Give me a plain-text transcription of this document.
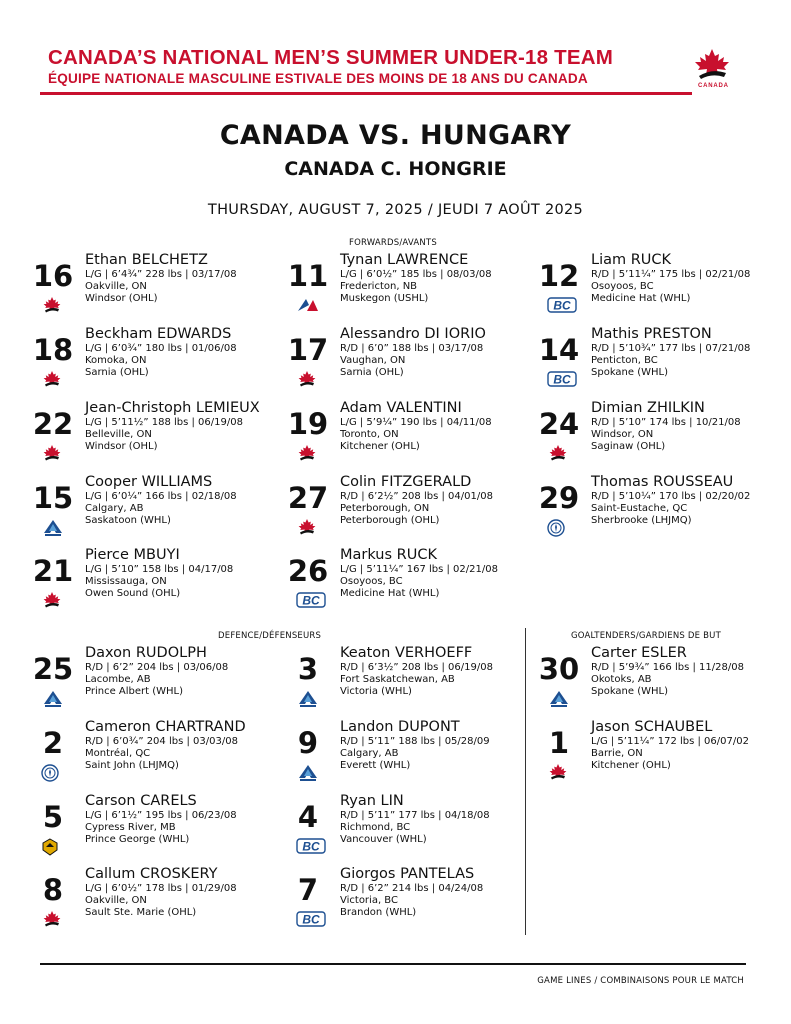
CANADA’S NATIONAL MEN’S SUMMER UNDER-18 TEAM
ÉQUIPE NATIONALE MASCULINE ESTIVALE DES MOINS DE 18 ANS DU CANADA	CANADA
CANADA VS. HUNGARY
CANADA C. HONGRIE
THURSDAY, AUGUST 7, 2025 / JEUDI 7 AOÛT 2025
FORWARDS/AVANTS
DEFENCE/DÉFENSEURS	GOALTENDERS/GARDIENS DE BUT
16 Ethan BELCHETZ
L/G | 6’4¾” 228 lbs | 03/17/08
Oakville, ON
Windsor (OHL)
18 Beckham EDWARDS
L/G | 6’0¾” 180 lbs | 01/06/08
Komoka, ON
Sarnia (OHL)
22 Jean-Christoph LEMIEUX
L/G | 5’11½” 188 lbs | 06/19/08
Belleville, ON
Windsor (OHL)
15 Cooper WILLIAMS
L/G | 6’0¼” 166 lbs | 02/18/08
Calgary, AB
Saskatoon (WHL)
21 Pierce MBUYI
L/G | 5’10” 158 lbs | 04/17/08
Mississauga, ON
Owen Sound (OHL)
11 Tynan LAWRENCE
L/G | 6’0½” 185 lbs | 08/03/08
Fredericton, NB
Muskegon (USHL)
17 Alessandro DI IORIO
R/D | 6’0” 188 lbs | 03/17/08
Vaughan, ON
Sarnia (OHL)
19 Adam VALENTINI
L/G | 5’9¼” 190 lbs | 04/11/08
Toronto, ON
Kitchener (OHL)
27 Colin FITZGERALD
R/D | 6’2½” 208 lbs | 04/01/08
Peterborough, ON
Peterborough (OHL)
26
BC
Markus RUCK
L/G | 5’11¼” 167 lbs | 02/21/08
Osoyoos, BC
Medicine Hat (WHL)
12
BC
Liam RUCK
R/D | 5’11¼” 175 lbs | 02/21/08
Osoyoos, BC
Medicine Hat (WHL)
14
BC
Mathis PRESTON
R/D | 5’10¾” 177 lbs | 07/21/08
Penticton, BC
Spokane (WHL)
24 Dimian ZHILKIN
R/D | 5’10” 174 lbs | 10/21/08
Windsor, ON
Saginaw (OHL)
29 Thomas ROUSSEAU
R/D | 5’10¼” 170 lbs | 02/20/02
Saint-Eustache, QC
Sherbrooke (LHJMQ)
25 Daxon RUDOLPH
R/D | 6’2” 204 lbs | 03/06/08
Lacombe, AB
Prince Albert (WHL)
2	Cameron CHARTRAND
R/D | 6’0¾” 204 lbs | 03/03/08
Montréal, QC
Saint John (LHJMQ)
5	Carson CARELS
L/G | 6’1½” 195 lbs | 06/23/08
Cypress River, MB
Prince George (WHL)
8	Callum CROSKERY
L/G | 6’0½” 178 lbs | 01/29/08
Oakville, ON
Sault Ste. Marie (OHL)
3	Keaton VERHOEFF
R/D | 6’3½” 208 lbs | 06/19/08
Fort Saskatchewan, AB
Victoria (WHL)
9	Landon DUPONT
R/D | 5’11” 188 lbs | 05/28/09
Calgary, AB
Everett (WHL)
4
BC
Ryan LIN
R/D | 5’11” 177 lbs | 04/18/08
Richmond, BC
Vancouver (WHL)
7
BC
Giorgos PANTELAS
R/D | 6’2” 214 lbs | 04/24/08
Victoria, BC
Brandon (WHL)
30 Carter ESLER
R/D | 5’9¾” 166 lbs | 11/28/08
Okotoks, AB
Spokane (WHL)
1	Jason SCHAUBEL
L/G | 5’11¼” 172 lbs | 06/07/02
Barrie, ON
Kitchener (OHL)
GAME LINES / COMBINAISONS POUR LE MATCH
